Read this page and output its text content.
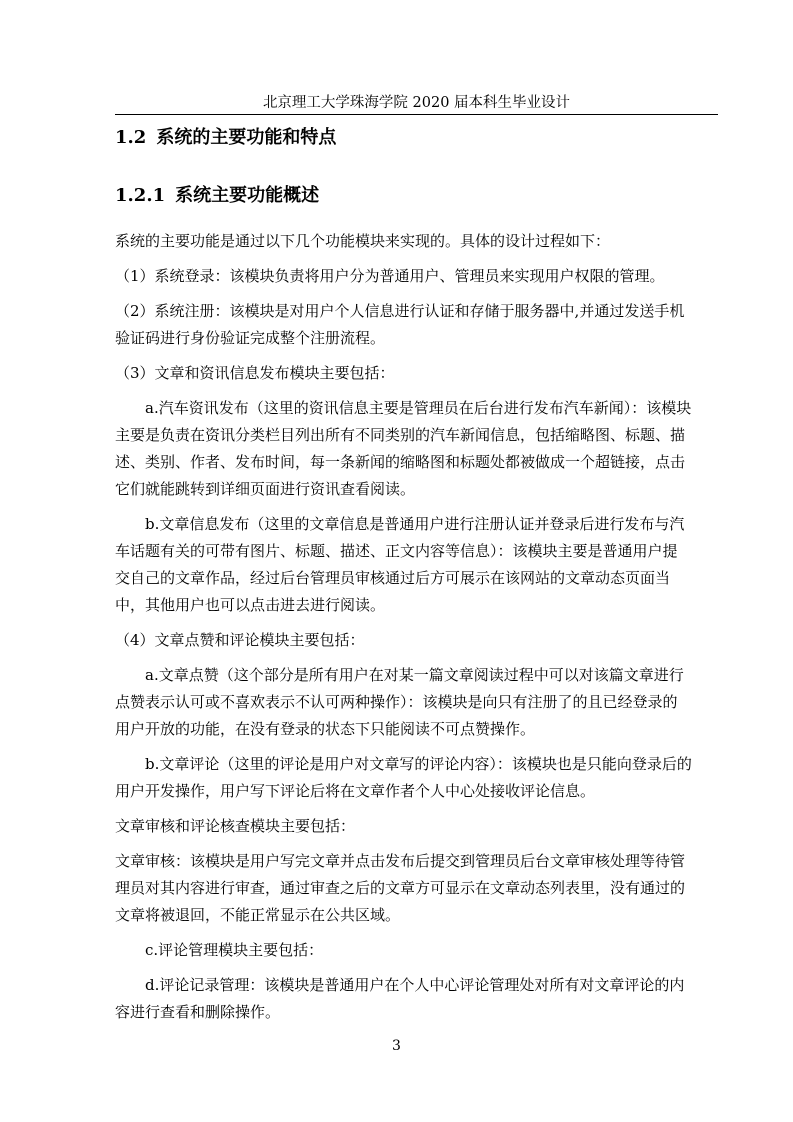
北京理工大学珠海学院 2020 届本科生毕业设计
1.2 系统的主要功能和特点
1.2.1 系统主要功能概述
系统的主要功能是通过以下几个功能模块来实现的。具体的设计过程如下：
（1）系统登录：该模块负责将用户分为普通用户、管理员来实现用户权限的管理。
（2）系统注册：该模块是对用户个人信息进行认证和存储于服务器中,并通过发送手机
验证码进行身份验证完成整个注册流程。
（3）文章和资讯信息发布模块主要包括：
a.汽车资讯发布（这里的资讯信息主要是管理员在后台进行发布汽车新闻）：该模块
主要是负责在资讯分类栏目列出所有不同类别的汽车新闻信息，包括缩略图、标题、描
述、类别、作者、发布时间，每一条新闻的缩略图和标题处都被做成一个超链接，点击
它们就能跳转到详细页面进行资讯查看阅读。
b.文章信息发布（这里的文章信息是普通用户进行注册认证并登录后进行发布与汽
车话题有关的可带有图片、标题、描述、正文内容等信息）：该模块主要是普通用户提
交自己的文章作品，经过后台管理员审核通过后方可展示在该网站的文章动态页面当
中，其他用户也可以点击进去进行阅读。
（4）文章点赞和评论模块主要包括：
a.文章点赞（这个部分是所有用户在对某一篇文章阅读过程中可以对该篇文章进行
点赞表示认可或不喜欢表示不认可两种操作）：该模块是向只有注册了的且已经登录的
用户开放的功能，在没有登录的状态下只能阅读不可点赞操作。
b.文章评论（这里的评论是用户对文章写的评论内容）：该模块也是只能向登录后的
用户开发操作，用户写下评论后将在文章作者个人中心处接收评论信息。
文章审核和评论核查模块主要包括：
文章审核：该模块是用户写完文章并点击发布后提交到管理员后台文章审核处理等待管
理员对其内容进行审查，通过审查之后的文章方可显示在文章动态列表里，没有通过的
文章将被退回，不能正常显示在公共区域。
c.评论管理模块主要包括：
d.评论记录管理：该模块是普通用户在个人中心评论管理处对所有对文章评论的内
容进行查看和删除操作。
3
